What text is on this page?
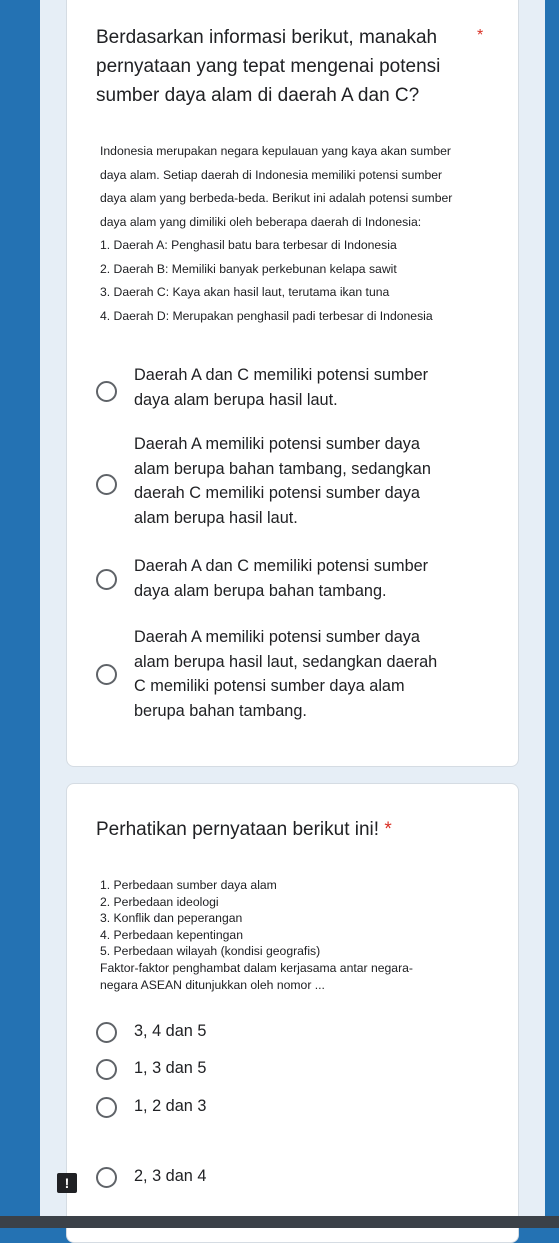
Berdasarkan informasi berikut, manakah
pernyataan yang tepat mengenai potensi
sumber daya alam di daerah A dan C?
*

Indonesia merupakan negara kepulauan yang kaya akan sumber

daya alam. Setiap daerah di Indonesia memiliki potensi sumber

daya alam yang berbeda-beda. Berikut ini adalah potensi sumber

daya alam yang dimiliki oleh beberapa daerah di Indonesia:

1. Daerah A: Penghasil batu bara terbesar di Indonesia

2. Daerah B: Memiliki banyak perkebunan kelapa sawit

3. Daerah C: Kaya akan hasil laut, terutama ikan tuna

4. Daerah D: Merupakan penghasil padi terbesar di Indonesia

Daerah A dan C memiliki potensi sumber
daya alam berupa hasil laut.
Daerah A memiliki potensi sumber daya
alam berupa bahan tambang, sedangkan
daerah C memiliki potensi sumber daya
alam berupa hasil laut.
Daerah A dan C memiliki potensi sumber
daya alam berupa bahan tambang.
Daerah A memiliki potensi sumber daya
alam berupa hasil laut, sedangkan daerah
C memiliki potensi sumber daya alam
berupa bahan tambang.
Perhatikan pernyataan berikut ini! *

1. Perbedaan sumber daya alam

2. Perbedaan ideologi

3. Konflik dan peperangan

4. Perbedaan kepentingan

5. Perbedaan wilayah (kondisi geografis)

Faktor-faktor penghambat dalam kerjasama antar negara-

negara ASEAN ditunjukkan oleh nomor ...

3, 4 dan 5
1, 3 dan 5
1, 2 dan 3
2, 3 dan 4
!
